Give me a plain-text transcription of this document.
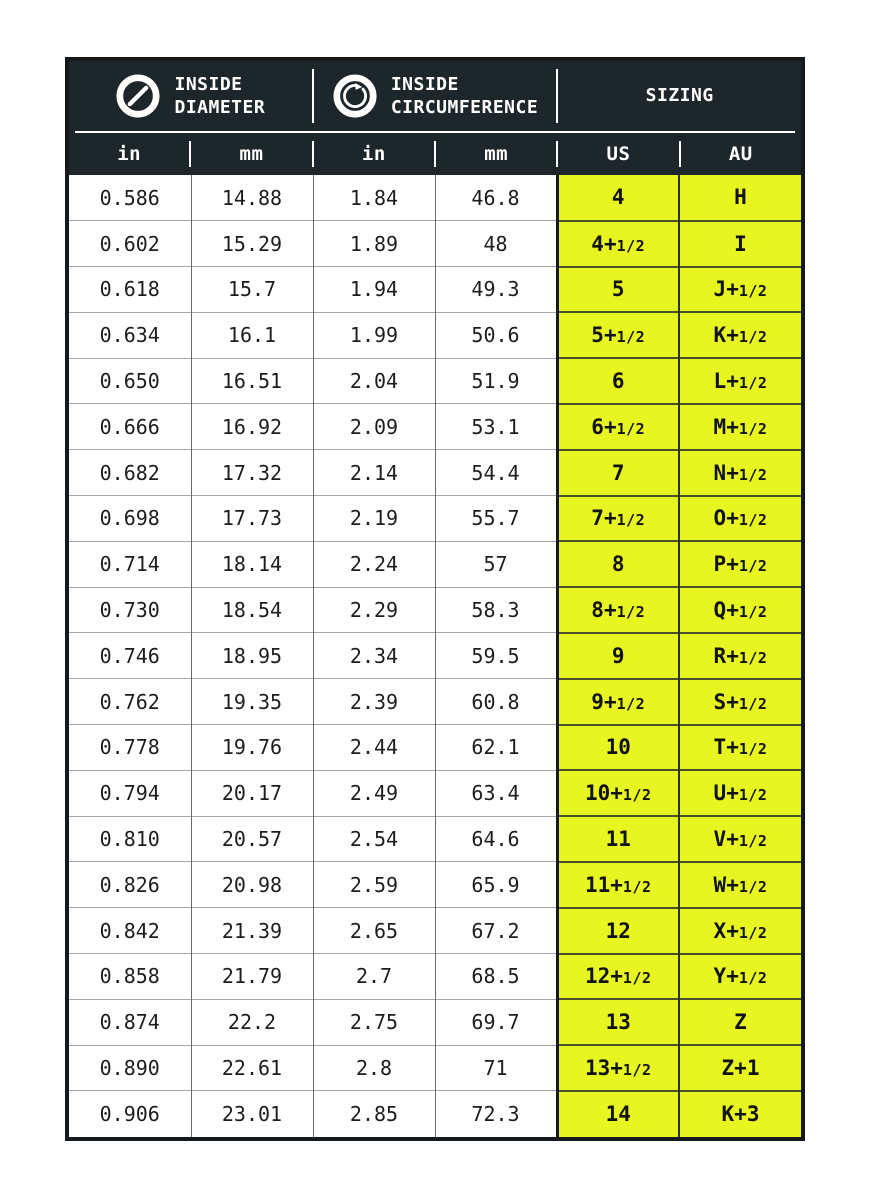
INSIDE
DIAMETER
INSIDE
CIRCUMFERENCE
SIZING
in	mm	in	mm	US	AU
0.586	14.88	1.84	46.8	4	H
0.602	15.29	1.89	48	4+1/2	I
0.618	15.7	1.94	49.3	5	J+1/2
0.634	16.1	1.99	50.6	5+1/2	K+1/2
0.650	16.51	2.04	51.9	6	L+1/2
0.666	16.92	2.09	53.1	6+1/2	M+1/2
0.682	17.32	2.14	54.4	7	N+1/2
0.698	17.73	2.19	55.7	7+1/2	O+1/2
0.714	18.14	2.24	57	8	P+1/2
0.730	18.54	2.29	58.3	8+1/2	Q+1/2
0.746	18.95	2.34	59.5	9	R+1/2
0.762	19.35	2.39	60.8	9+1/2	S+1/2
0.778	19.76	2.44	62.1	10	T+1/2
0.794	20.17	2.49	63.4	10+1/2	U+1/2
0.810	20.57	2.54	64.6	11	V+1/2
0.826	20.98	2.59	65.9	11+1/2	W+1/2
0.842	21.39	2.65	67.2	12	X+1/2
0.858	21.79	2.7	68.5	12+1/2	Y+1/2
0.874	22.2	2.75	69.7	13	Z
0.890	22.61	2.8	71	13+1/2	Z+1
0.906	23.01	2.85	72.3	14	K+3
